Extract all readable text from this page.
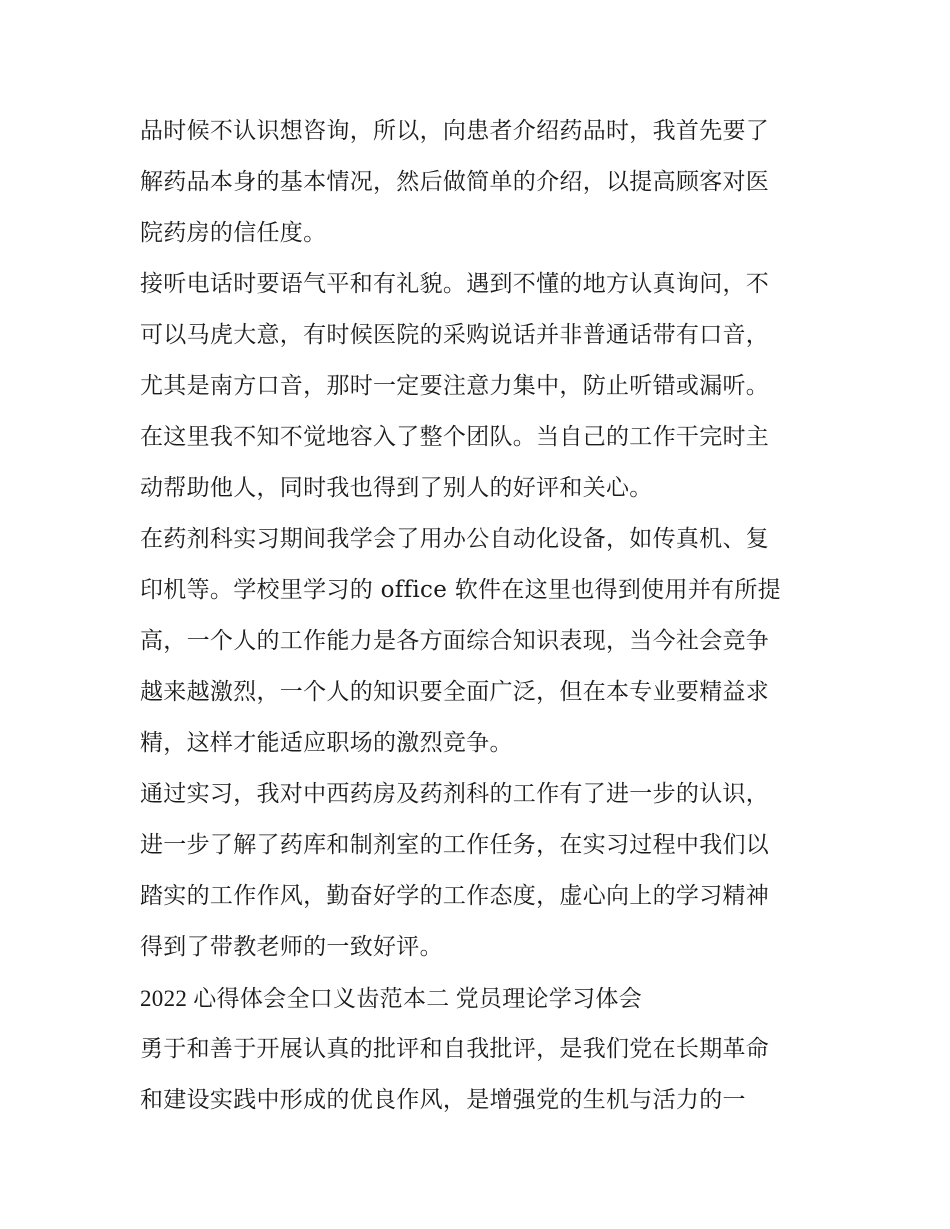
品时候不认识想咨询，所以，向患者介绍药品时，我首先要了
解药品本身的基本情况，然后做简单的介绍，以提高顾客对医
院药房的信任度。
接听电话时要语气平和有礼貌。遇到不懂的地方认真询问，不
可以马虎大意，有时候医院的采购说话并非普通话带有口音，
尤其是南方口音，那时一定要注意力集中，防止听错或漏听。
在这里我不知不觉地容入了整个团队。当自己的工作干完时主
动帮助他人，同时我也得到了别人的好评和关心。
在药剂科实习期间我学会了用办公自动化设备，如传真机、复
印机等。学校里学习的 office 软件在这里也得到使用并有所提
高，一个人的工作能力是各方面综合知识表现，当今社会竞争
越来越激烈，一个人的知识要全面广泛，但在本专业要精益求
精，这样才能适应职场的激烈竞争。
通过实习，我对中西药房及药剂科的工作有了进一步的认识，
进一步了解了药库和制剂室的工作任务，在实习过程中我们以
踏实的工作作风，勤奋好学的工作态度，虚心向上的学习精神
得到了带教老师的一致好评。
2022 心得体会全口义齿范本二 党员理论学习体会
勇于和善于开展认真的批评和自我批评，是我们党在长期革命
和建设实践中形成的优良作风，是增强党的生机与活力的一
